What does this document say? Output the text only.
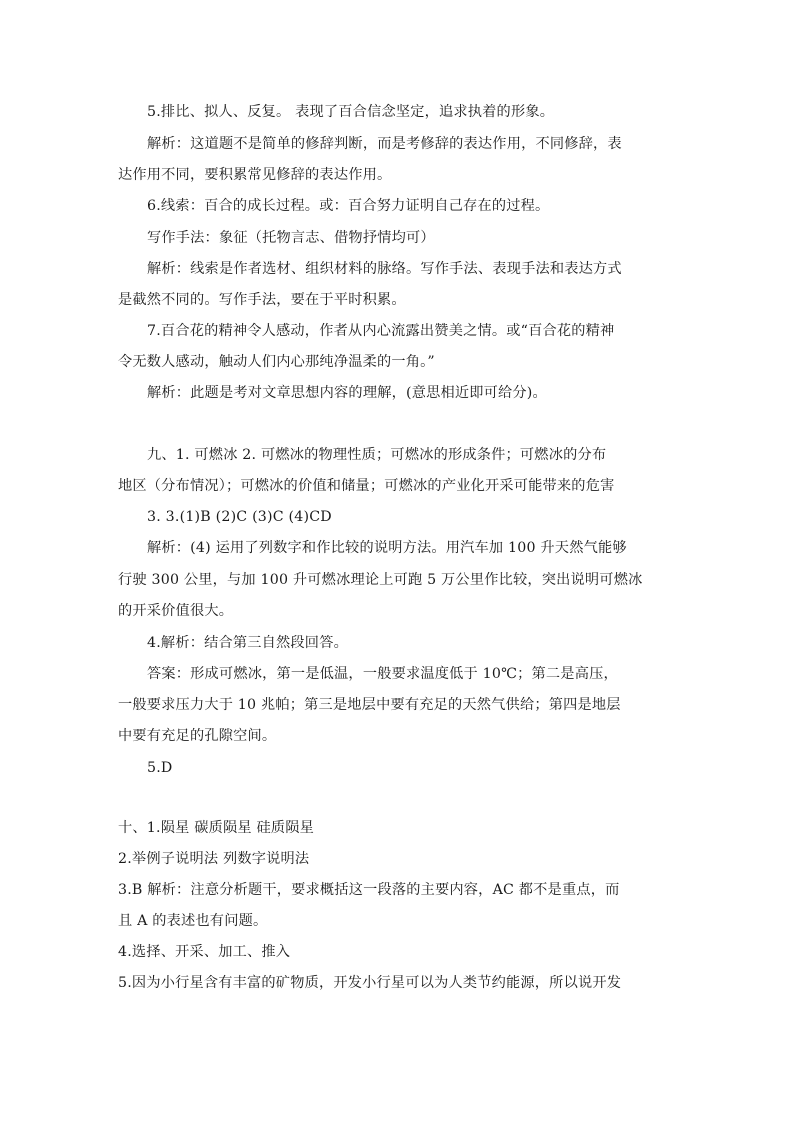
5.排比、拟人、反复。 表现了百合信念坚定，追求执着的形象。
解析：这道题不是简单的修辞判断，而是考修辞的表达作用，不同修辞，表
达作用不同，要积累常见修辞的表达作用。
6.线索：百合的成长过程。或：百合努力证明自己存在的过程。
写作手法：象征（托物言志、借物抒情均可）
解析：线索是作者选材、组织材料的脉络。写作手法、表现手法和表达方式
是截然不同的。写作手法，要在于平时积累。
7.百合花的精神令人感动，作者从内心流露出赞美之情。或“百合花的精神
令无数人感动，触动人们内心那纯净温柔的一角。”
解析：此题是考对文章思想内容的理解，(意思相近即可给分)。
九、1. 可燃冰 2. 可燃冰的物理性质；可燃冰的形成条件；可燃冰的分布
地区（分布情况）；可燃冰的价值和储量；可燃冰的产业化开采可能带来的危害
3. 3.(1)B (2)C (3)C (4)CD
解析：(4) 运用了列数字和作比较的说明方法。用汽车加 100 升天然气能够
行驶 300 公里，与加 100 升可燃冰理论上可跑 5 万公里作比较，突出说明可燃冰
的开采价值很大。
4.解析：结合第三自然段回答。
答案：形成可燃冰，第一是低温，一般要求温度低于 10℃；第二是高压，
一般要求压力大于 10 兆帕；第三是地层中要有充足的天然气供给；第四是地层
中要有充足的孔隙空间。
5.D
十、1.陨星 碳质陨星 硅质陨星
2.举例子说明法 列数字说明法
3.B 解析：注意分析题干，要求概括这一段落的主要内容，AC 都不是重点，而
且 A 的表述也有问题。
4.选择、开采、加工、推入
5.因为小行星含有丰富的矿物质，开发小行星可以为人类节约能源，所以说开发
